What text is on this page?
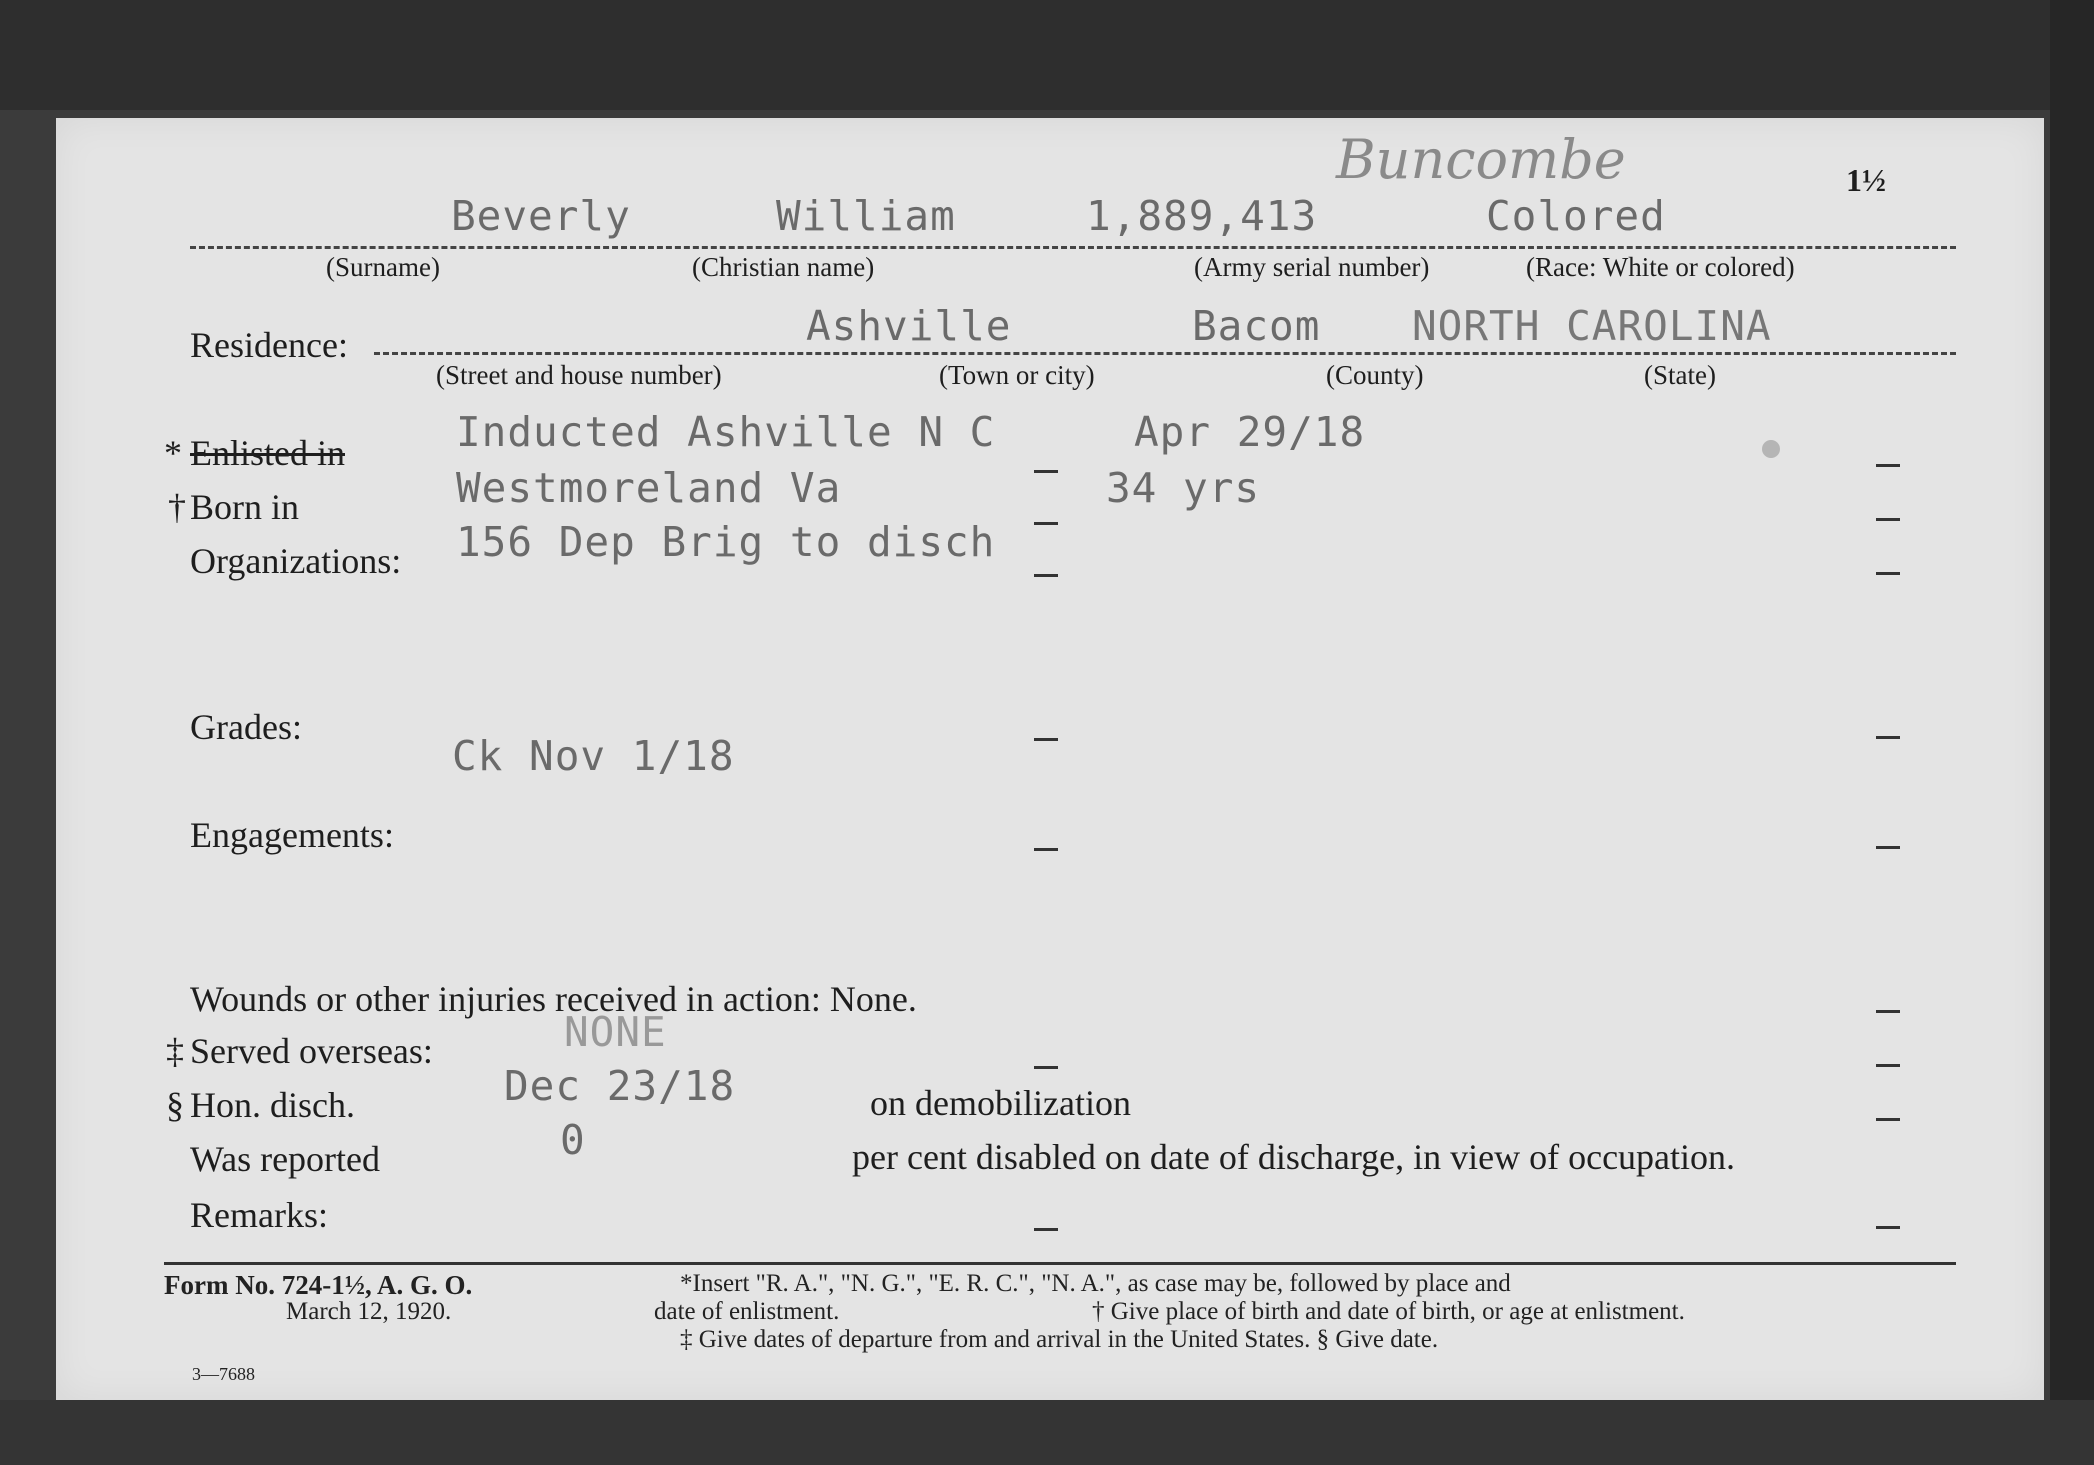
Buncombe	1½
Beverly	William	1,889,413	Colored
(Surname)	(Christian name)	(Army serial number)	(Race: White or colored)
Residence:	Ashville	Bacom NORTH CAROLINA
(Street and house number)	(Town or city)	(County)	(State)
* Enlisted in	Inducted Ashville N C	Apr 29/18
† Born in	Westmoreland Va	34 yrs
Organizations: 156 Dep Brig to disch
Grades:
Ck Nov 1/18
Engagements:
Wounds or other injuries received in action: None.
‡ Served overseas:	NONE
§ Hon. disch.	Dec 23/18	on demobilization
Was reported	0	per cent disabled on date of discharge, in view of occupation.
Remarks:
Form No. 724-1½, A. G. O.
March 12, 1920.
3—7688
*Insert "R. A.", "N. G.", "E. R. C.", "N. A.", as case may be, followed by place and
date of enlistment.	† Give place of birth and date of birth, or age at enlistment.
‡ Give dates of departure from and arrival in the United States. § Give date.
